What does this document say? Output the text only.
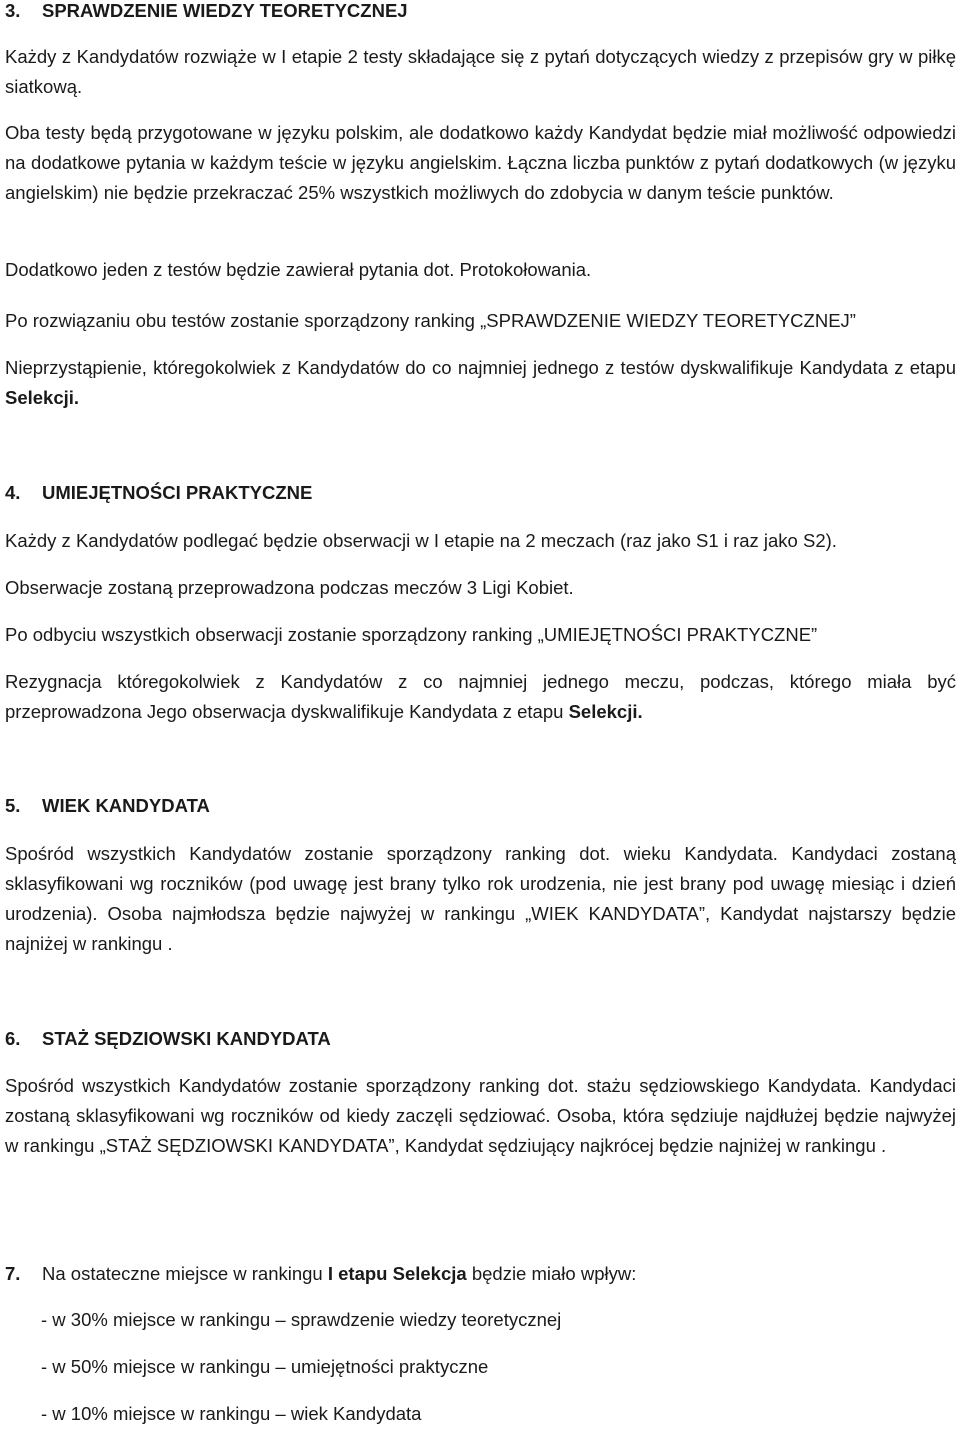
3. SPRAWDZENIE WIEDZY TEORETYCZNEJ

Każdy z Kandydatów rozwiąże w I etapie 2 testy składające się z pytań dotyczących wiedzy z przepisów gry w piłkę siatkową.

Oba testy będą przygotowane w języku polskim, ale dodatkowo każdy Kandydat będzie miał możliwość odpowiedzi na dodatkowe pytania w każdym teście w języku angielskim. Łączna liczba punktów z pytań dodatkowych (w języku angielskim) nie będzie przekraczać 25% wszystkich możliwych do zdobycia w danym teście punktów.

Dodatkowo jeden z testów będzie zawierał pytania dot. Protokołowania.

Po rozwiązaniu obu testów zostanie sporządzony ranking „SPRAWDZENIE WIEDZY TEORETYCZNEJ”

Nieprzystąpienie, któregokolwiek z Kandydatów do co najmniej jednego z testów dyskwalifikuje Kandydata z etapu Selekcji.

4. UMIEJĘTNOŚCI PRAKTYCZNE

Każdy z Kandydatów podlegać będzie obserwacji w I etapie na 2 meczach (raz jako S1 i raz jako S2).

Obserwacje zostaną przeprowadzona podczas meczów 3 Ligi Kobiet.

Po odbyciu wszystkich obserwacji zostanie sporządzony ranking „UMIEJĘTNOŚCI PRAKTYCZNE”

Rezygnacja któregokolwiek z Kandydatów z co najmniej jednego meczu, podczas, którego miała być przeprowadzona Jego obserwacja dyskwalifikuje Kandydata z etapu Selekcji.

5. WIEK KANDYDATA

Spośród wszystkich Kandydatów zostanie sporządzony ranking dot. wieku Kandydata. Kandydaci zostaną sklasyfikowani wg roczników (pod uwagę jest brany tylko rok urodzenia, nie jest brany pod uwagę miesiąc i dzień urodzenia). Osoba najmłodsza będzie najwyżej w rankingu „WIEK KANDYDATA”, Kandydat najstarszy będzie najniżej w rankingu .

6. STAŻ SĘDZIOWSKI KANDYDATA

Spośród wszystkich Kandydatów zostanie sporządzony ranking dot. stażu sędziowskiego Kandydata. Kandydaci zostaną sklasyfikowani wg roczników od kiedy zaczęli sędziować. Osoba, która sędziuje najdłużej będzie najwyżej w rankingu „STAŻ SĘDZIOWSKI KANDYDATA”, Kandydat sędziujący najkrócej będzie najniżej w rankingu .

7. Na ostateczne miejsce w rankingu I etapu Selekcja będzie miało wpływ:
- w 30% miejsce w rankingu – sprawdzenie wiedzy teoretycznej
- w 50% miejsce w rankingu – umiejętności praktyczne
- w 10% miejsce w rankingu – wiek Kandydata
